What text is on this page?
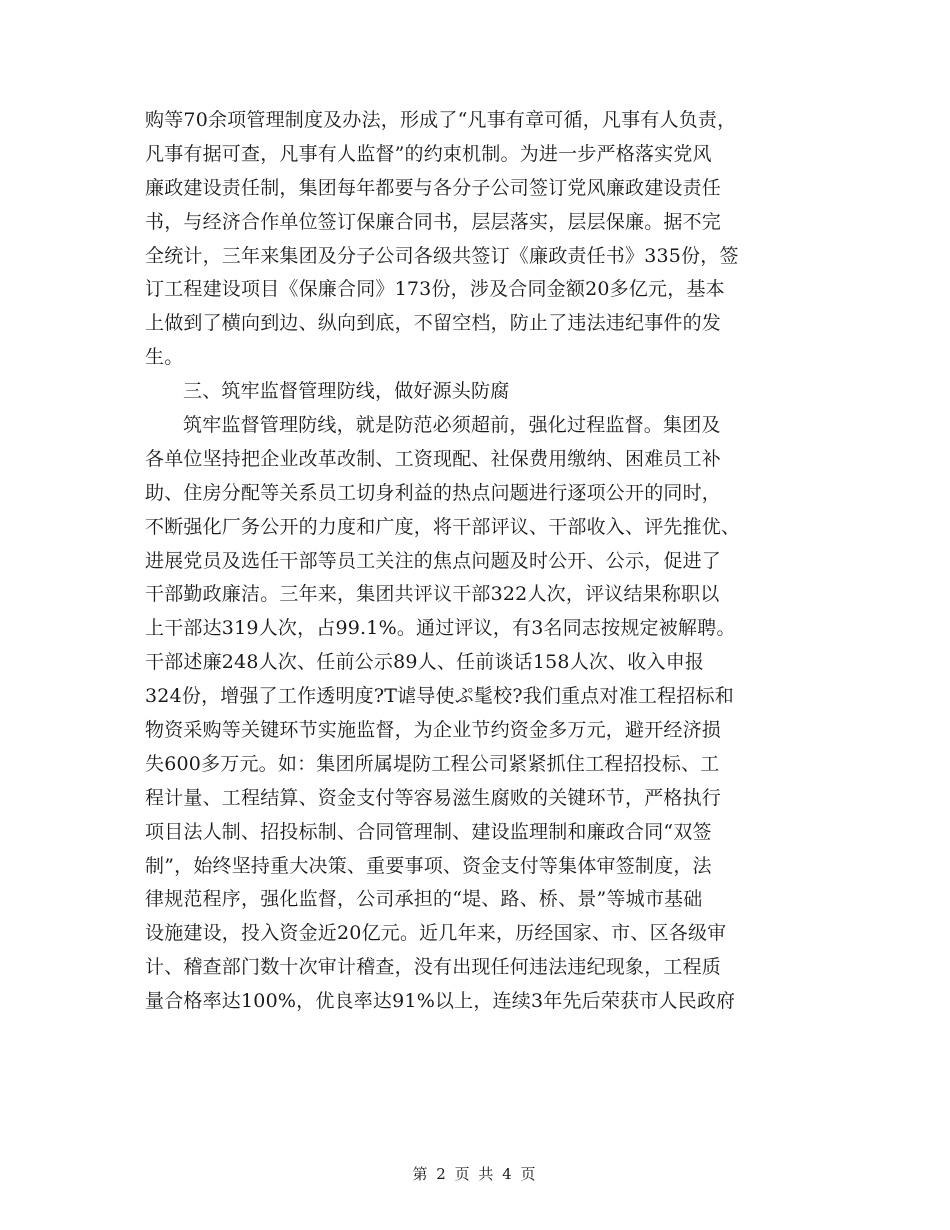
购等70余项管理制度及办法，形成了“凡事有章可循，凡事有人负责，
凡事有据可查，凡事有人监督”的约束机制。为进一步严格落实党风
廉政建设责任制，集团每年都要与各分子公司签订党风廉政建设责任
书，与经济合作单位签订保廉合同书，层层落实，层层保廉。据不完
全统计，三年来集团及分子公司各级共签订《廉政责任书》335份，签
订工程建设项目《保廉合同》173份，涉及合同金额20多亿元，基本
上做到了横向到边、纵向到底，不留空档，防止了违法违纪事件的发
生。
三、筑牢监督管理防线，做好源头防腐
筑牢监督管理防线，就是防范必须超前，强化过程监督。集团及
各单位坚持把企业改革改制、工资现配、社保费用缴纳、困难员工补
助、住房分配等关系员工切身利益的热点问题进行逐项公开的同时，
不断强化厂务公开的力度和广度，将干部评议、干部收入、评先推优、
进展党员及选任干部等员工关注的焦点问题及时公开、公示，促进了
干部勤政廉洁。三年来，集团共评议干部322人次，评议结果称职以
上干部达319人次，占99.1%。通过评议，有3名同志按规定被解聘。
干部述廉248人次、任前公示89人、任前谈话158人次、收入申报
324份，增强了工作透明度?T谑导使ぷ髦校?我们重点对准工程招标和
物资采购等关键环节实施监督，为企业节约资金多万元，避开经济损
失600多万元。如：集团所属堤防工程公司紧紧抓住工程招投标、工
程计量、工程结算、资金支付等容易滋生腐败的关键环节，严格执行
项目法人制、招投标制、合同管理制、建设监理制和廉政合同“双签
制”，始终坚持重大决策、重要事项、资金支付等集体审签制度，法
律规范程序，强化监督，公司承担的“堤、路、桥、景”等城市基础
设施建设，投入资金近20亿元。近几年来，历经国家、市、区各级审
计、稽查部门数十次审计稽查，没有出现任何违法违纪现象，工程质
量合格率达100%，优良率达91%以上，连续3年先后荣获市人民政府
第 2 页 共 4 页
